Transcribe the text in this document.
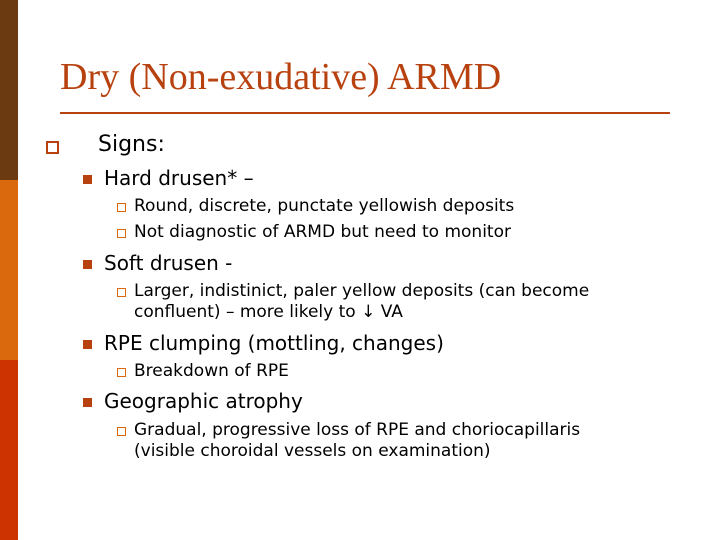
Dry (Non-exudative) ARMD
Signs:
Hard drusen* –
Round, discrete, punctate yellowish deposits
Not diagnostic of ARMD but need to monitor
Soft drusen -
Larger, indistinict, paler yellow deposits (can become
confluent) – more likely to ↓ VA
RPE clumping (mottling, changes)
Breakdown of RPE
Geographic atrophy
Gradual, progressive loss of RPE and choriocapillaris
(visible choroidal vessels on examination)
